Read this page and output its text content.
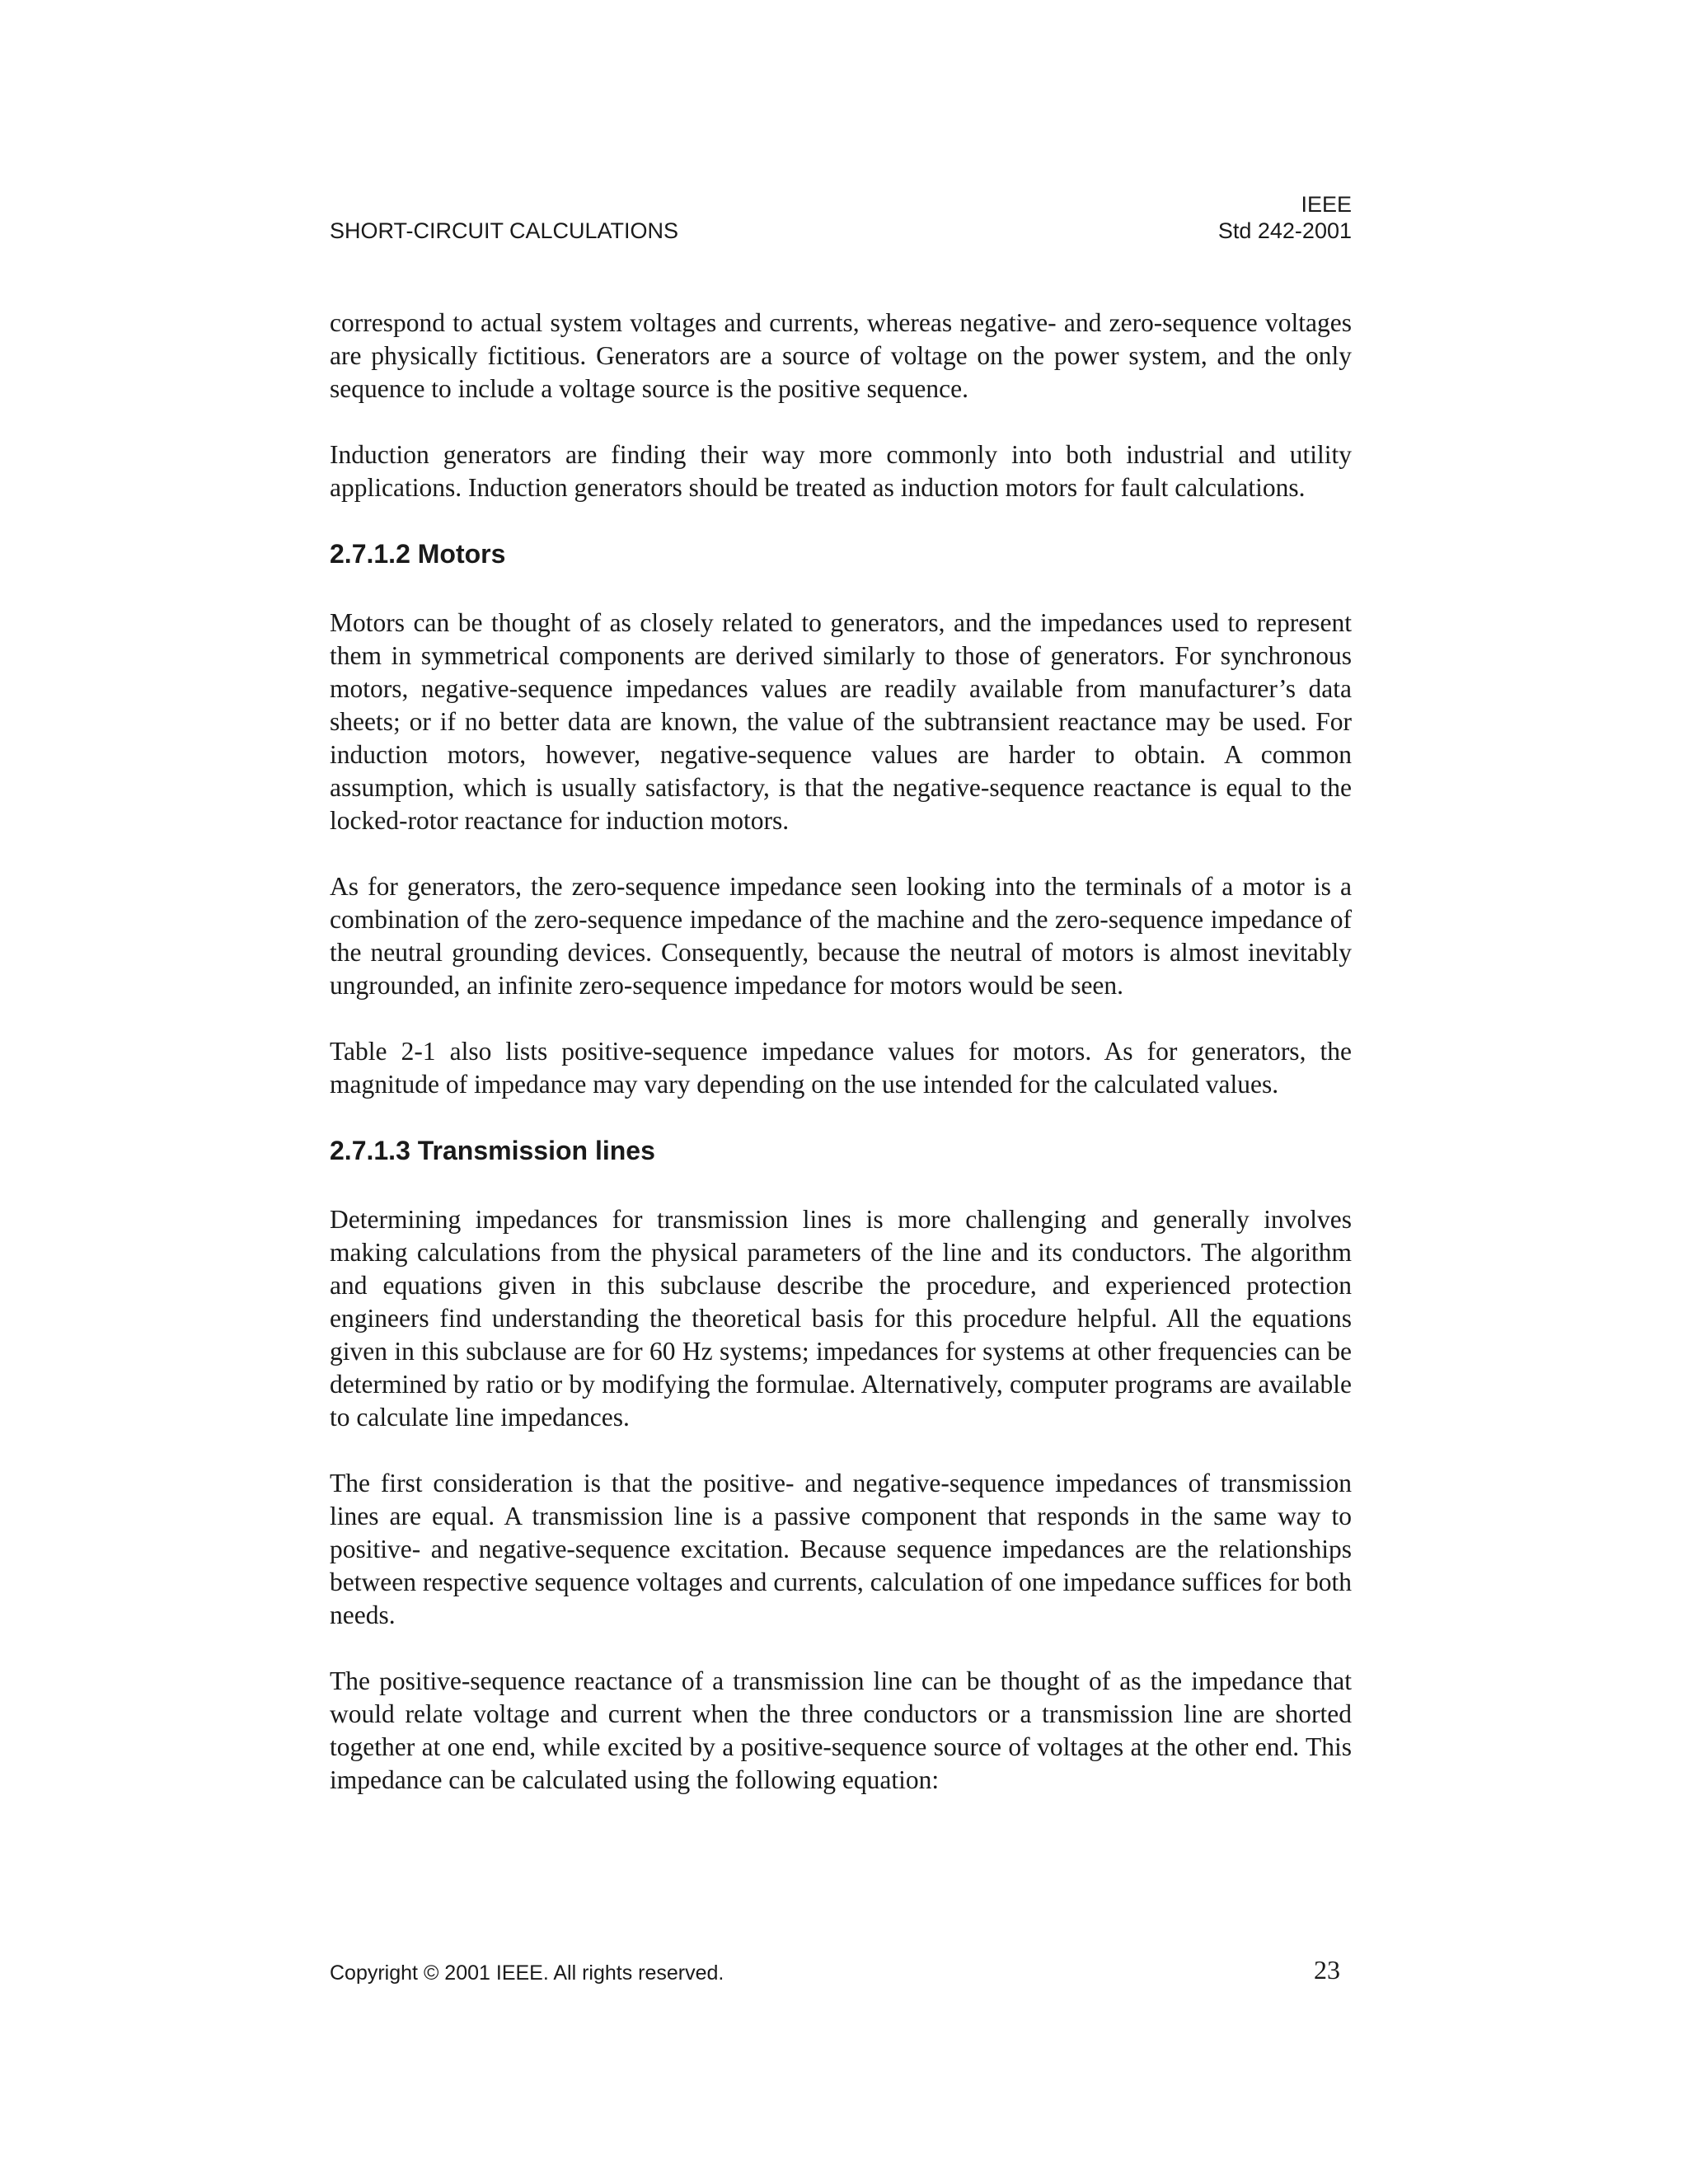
SHORT-CIRCUIT CALCULATIONS
IEEE
Std 242-2001

correspond to actual system voltages and currents, whereas negative- and zero-sequence voltages are physically fictitious. Generators are a source of voltage on the power system, and the only sequence to include a voltage source is the positive sequence.

Induction generators are finding their way more commonly into both industrial and utility applications. Induction generators should be treated as induction motors for fault calculations.

2.7.1.2 Motors

Motors can be thought of as closely related to generators, and the impedances used to represent them in symmetrical components are derived similarly to those of generators. For synchronous motors, negative-sequence impedances values are readily available from manufacturer’s data sheets; or if no better data are known, the value of the subtransient reactance may be used. For induction motors, however, negative-sequence values are harder to obtain. A common assumption, which is usually satisfactory, is that the negative-sequence reactance is equal to the locked-rotor reactance for induction motors.

As for generators, the zero-sequence impedance seen looking into the terminals of a motor is a combination of the zero-sequence impedance of the machine and the zero-sequence impedance of the neutral grounding devices. Consequently, because the neutral of motors is almost inevitably ungrounded, an infinite zero-sequence impedance for motors would be seen.

Table 2-1 also lists positive-sequence impedance values for motors. As for generators, the magnitude of impedance may vary depending on the use intended for the calculated values.

2.7.1.3 Transmission lines

Determining impedances for transmission lines is more challenging and generally involves making calculations from the physical parameters of the line and its conductors. The algorithm and equations given in this subclause describe the procedure, and experienced protection engineers find understanding the theoretical basis for this procedure helpful. All the equations given in this subclause are for 60 Hz systems; impedances for systems at other frequencies can be determined by ratio or by modifying the formulae. Alternatively, computer programs are available to calculate line impedances.

The first consideration is that the positive- and negative-sequence impedances of transmission lines are equal. A transmission line is a passive component that responds in the same way to positive- and negative-sequence excitation. Because sequence impedances are the relationships between respective sequence voltages and currents, calculation of one impedance suffices for both needs.

The positive-sequence reactance of a transmission line can be thought of as the impedance that would relate voltage and current when the three conductors or a transmission line are shorted together at one end, while excited by a positive-sequence source of voltages at the other end. This impedance can be calculated using the following equation:

Copyright © 2001 IEEE. All rights reserved.	23
